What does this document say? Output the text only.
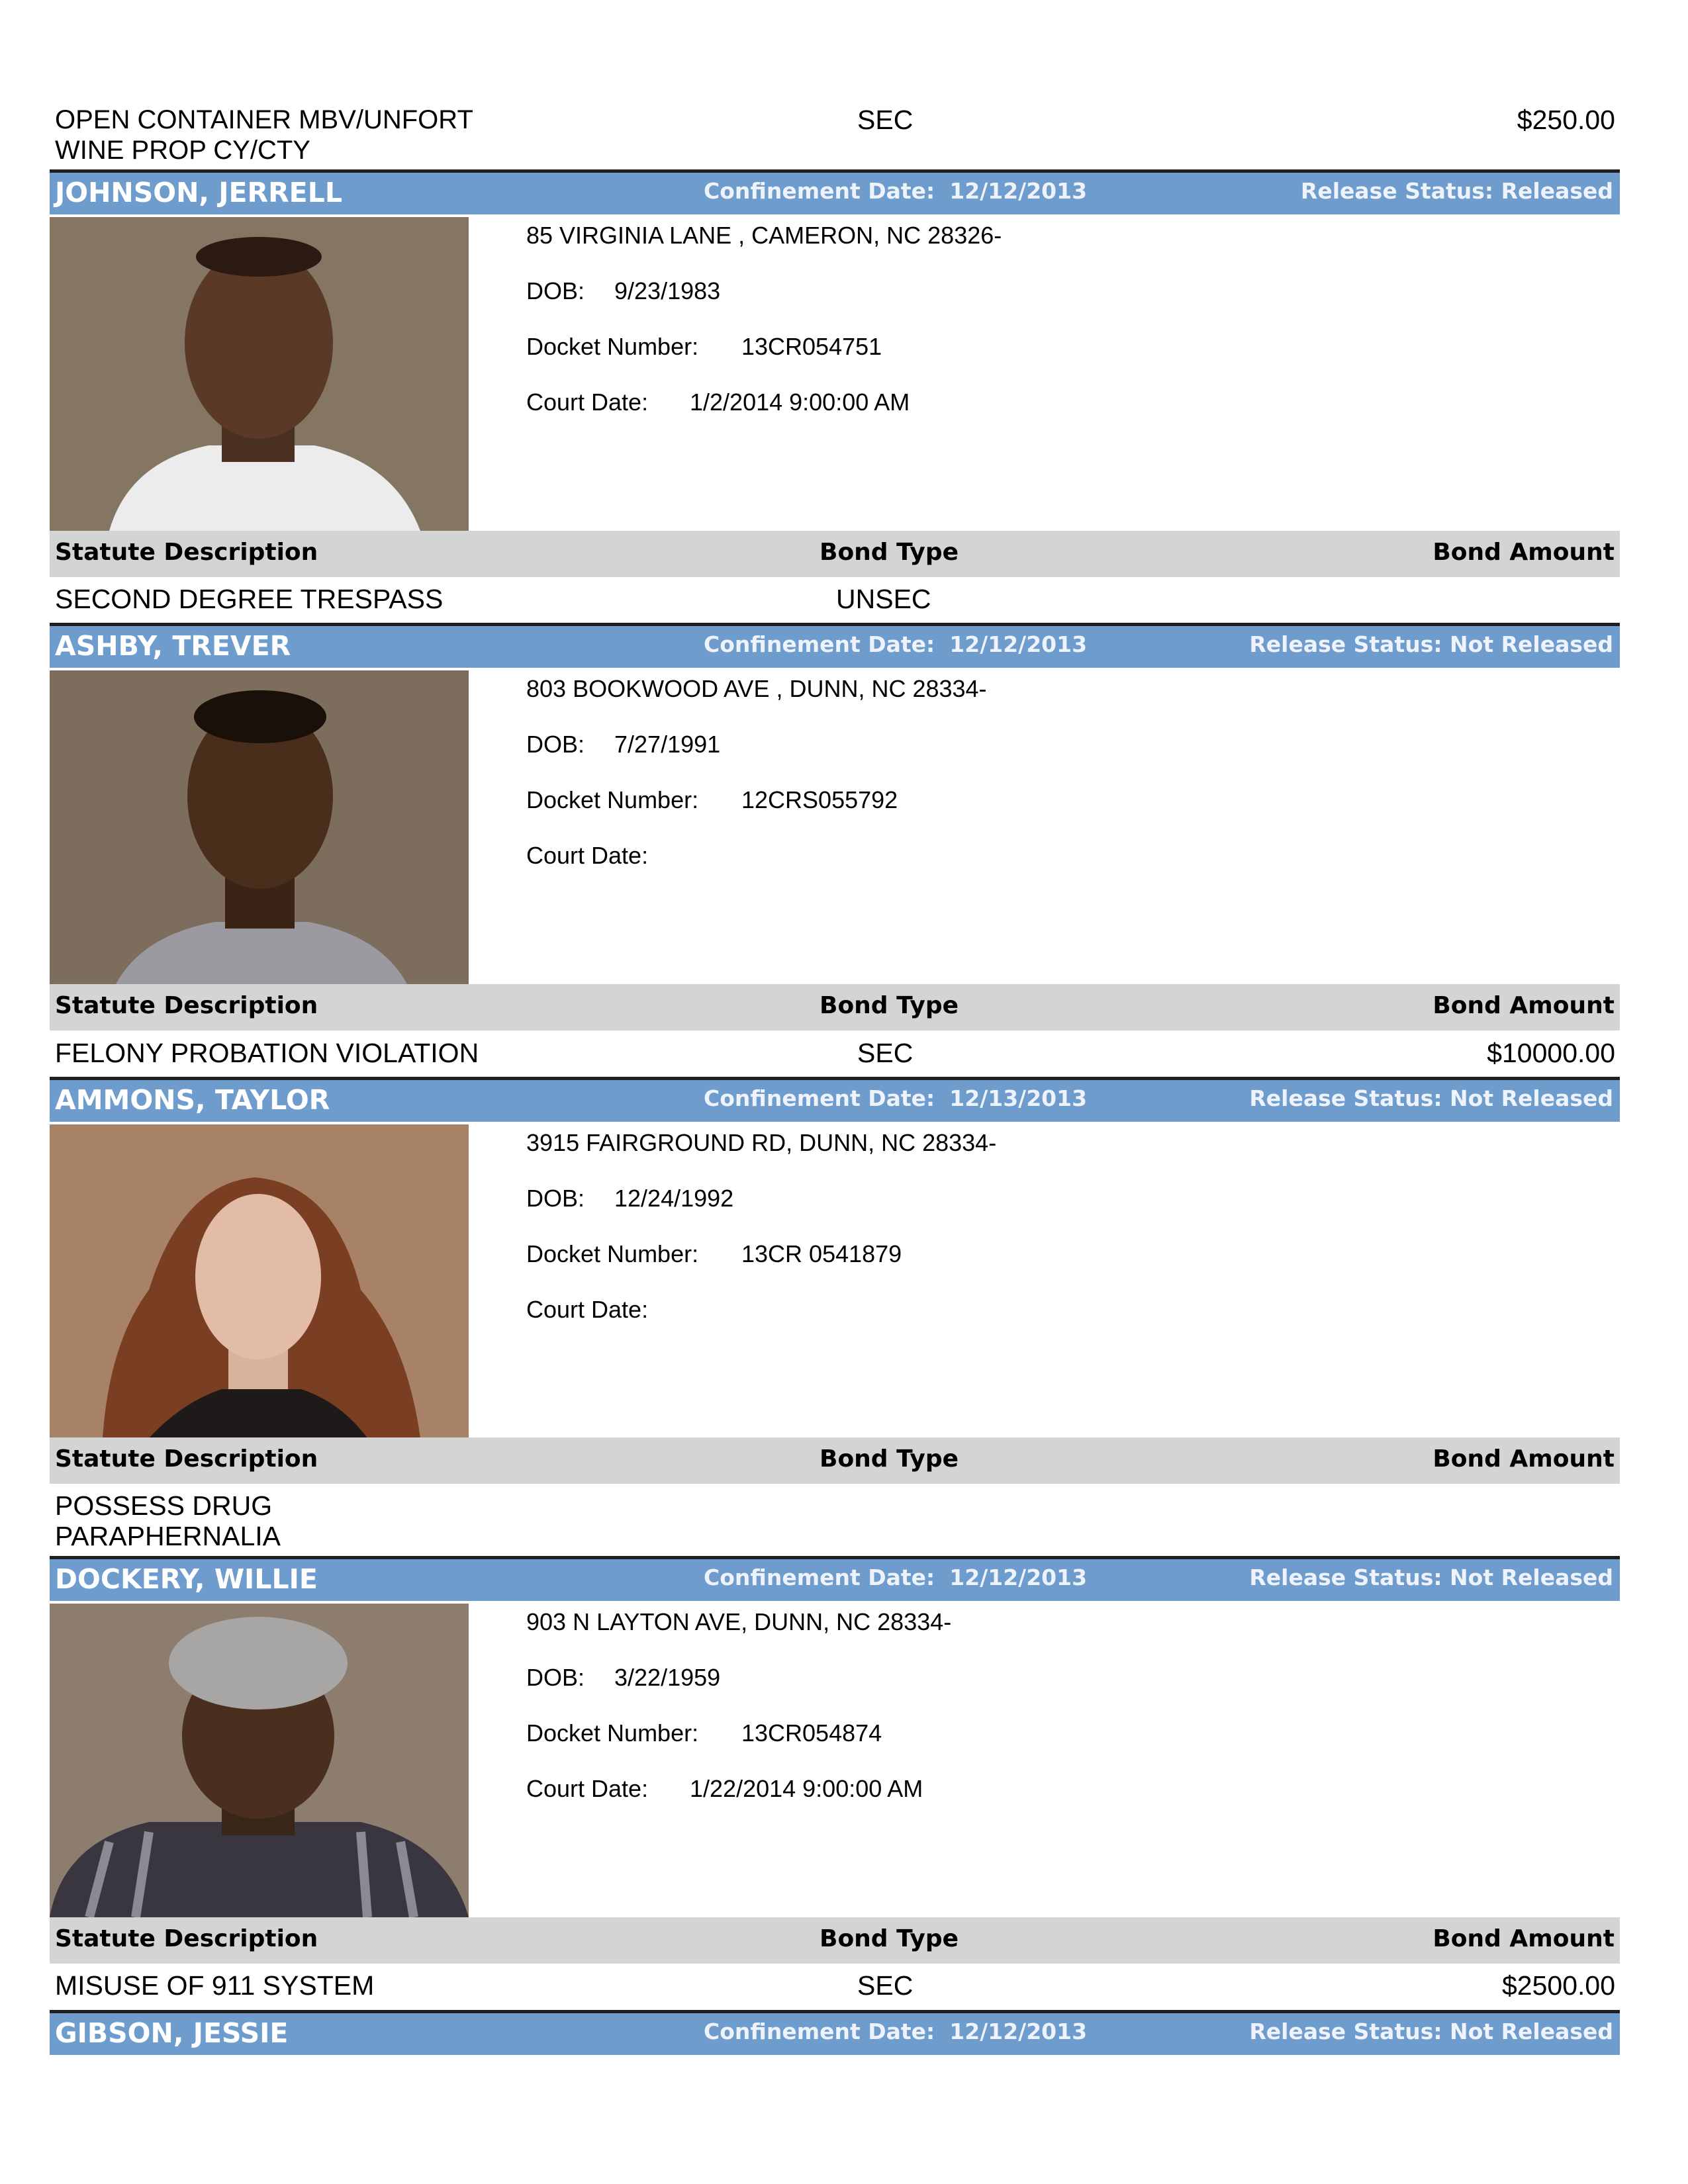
OPEN CONTAINER MBV/UNFORT
WINE PROP CY/CTY
SEC	$250.00
JOHNSON, JERRELL	Confinement Date: 12/12/2013	Release Status: Released
85 VIRGINIA LANE , CAMERON, NC 28326-
DOB: 9/23/1983
Docket Number: 13CR054751
Court Date: 1/2/2014 9:00:00 AM
Statute Description	Bond Type	Bond Amount
SECOND DEGREE TRESPASS	UNSEC
ASHBY, TREVER	Confinement Date: 12/12/2013	Release Status: Not Released
803 BOOKWOOD AVE , DUNN, NC 28334-
DOB: 7/27/1991
Docket Number: 12CRS055792
Court Date:
Statute Description	Bond Type	Bond Amount
FELONY PROBATION VIOLATION	SEC	$10000.00
AMMONS, TAYLOR	Confinement Date: 12/13/2013	Release Status: Not Released
3915 FAIRGROUND RD, DUNN, NC 28334-
DOB: 12/24/1992
Docket Number: 13CR 0541879
Court Date:
Statute Description	Bond Type	Bond Amount
POSSESS DRUG
PARAPHERNALIA
DOCKERY, WILLIE	Confinement Date: 12/12/2013	Release Status: Not Released
903 N LAYTON AVE, DUNN, NC 28334-
DOB: 3/22/1959
Docket Number: 13CR054874
Court Date: 1/22/2014 9:00:00 AM
Statute Description	Bond Type	Bond Amount
MISUSE OF 911 SYSTEM	SEC	$2500.00
GIBSON, JESSIE	Confinement Date: 12/12/2013	Release Status: Not Released
